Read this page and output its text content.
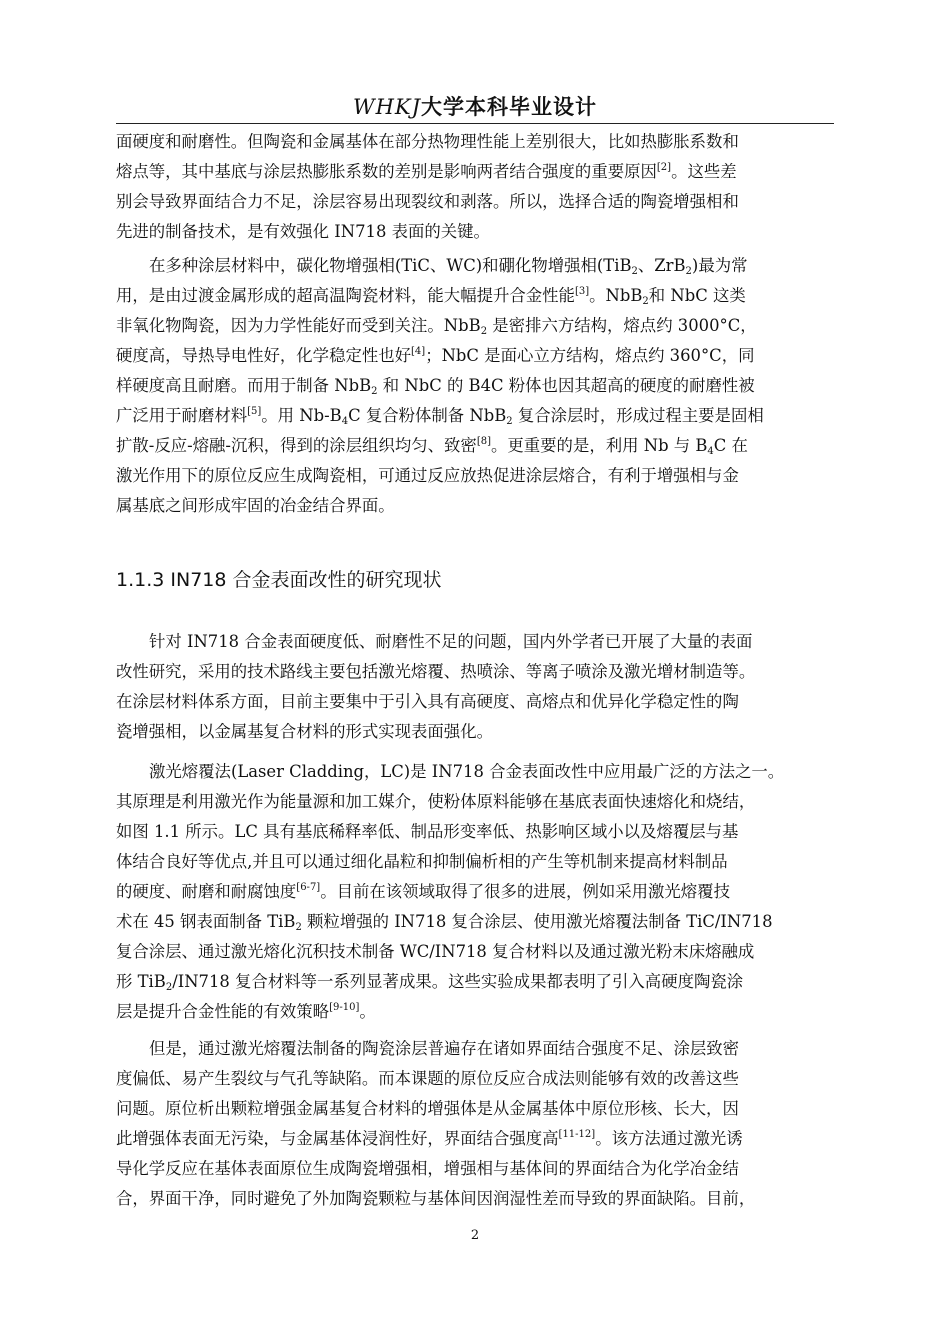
WHKJ大学本科毕业设计
面硬度和耐磨性。但陶瓷和金属基体在部分热物理性能上差别很大，比如热膨胀系数和
熔点等，其中基底与涂层热膨胀系数的差别是影响两者结合强度的重要原因[2]。这些差
别会导致界面结合力不足，涂层容易出现裂纹和剥落。所以，选择合适的陶瓷增强相和
先进的制备技术，是有效强化 IN718 表面的关键。
在多种涂层材料中，碳化物增强相(TiC、WC)和硼化物增强相(TiB$_2$、ZrB$_2$)最为常
用，是由过渡金属形成的超高温陶瓷材料，能大幅提升合金性能[3]。NbB$_2$和 NbC 这类
非氧化物陶瓷，因为力学性能好而受到关注。NbB$_2$ 是密排六方结构，熔点约 3000°C，
硬度高，导热导电性好，化学稳定性也好[4]；NbC 是面心立方结构，熔点约 360°C，同
样硬度高且耐磨。而用于制备 NbB$_2$ 和 NbC 的 B4C 粉体也因其超高的硬度的耐磨性被
广泛用于耐磨材料[5]。用 $Nb-B_4C$ 复合粉体制备 NbB$_2$ 复合涂层时，形成过程主要是固相
扩散-反应-熔融-沉积，得到的涂层组织均匀、致密[8]。更重要的是，利用 Nb 与 $B_4C$ 在
激光作用下的原位反应生成陶瓷相，可通过反应放热促进涂层熔合，有利于增强相与金
属基底之间形成牢固的冶金结合界面。
1.1.3 IN718 合金表面改性的研究现状
针对 IN718 合金表面硬度低、耐磨性不足的问题，国内外学者已开展了大量的表面
改性研究，采用的技术路线主要包括激光熔覆、热喷涂、等离子喷涂及激光增材制造等。
在涂层材料体系方面，目前主要集中于引入具有高硬度、高熔点和优异化学稳定性的陶
瓷增强相，以金属基复合材料的形式实现表面强化。
激光熔覆法(Laser Cladding，LC)是 IN718 合金表面改性中应用最广泛的方法之一。
其原理是利用激光作为能量源和加工媒介，使粉体原料能够在基底表面快速熔化和烧结，
如图 1.1 所示。LC 具有基底稀释率低、制品形变率低、热影响区域小以及熔覆层与基
体结合良好等优点,并且可以通过细化晶粒和抑制偏析相的产生等机制来提高材料制品
的硬度、耐磨和耐腐蚀度[6-7]。目前在该领域取得了很多的进展，例如采用激光熔覆技
术在 45 钢表面制备 TiB$_2$ 颗粒增强的 IN718 复合涂层、使用激光熔覆法制备 TiC/IN718
复合涂层、通过激光熔化沉积技术制备 WC/IN718 复合材料以及通过激光粉末床熔融成
形 TiB$_2$/IN718 复合材料等一系列显著成果。这些实验成果都表明了引入高硬度陶瓷涂
层是提升合金性能的有效策略[9-10]。
但是，通过激光熔覆法制备的陶瓷涂层普遍存在诸如界面结合强度不足、涂层致密
度偏低、易产生裂纹与气孔等缺陷。而本课题的原位反应合成法则能够有效的改善这些
问题。原位析出颗粒增强金属基复合材料的增强体是从金属基体中原位形核、长大，因
此增强体表面无污染，与金属基体浸润性好，界面结合强度高[11-12]。该方法通过激光诱
导化学反应在基体表面原位生成陶瓷增强相，增强相与基体间的界面结合为化学冶金结
合，界面干净，同时避免了外加陶瓷颗粒与基体间因润湿性差而导致的界面缺陷。目前，
2
